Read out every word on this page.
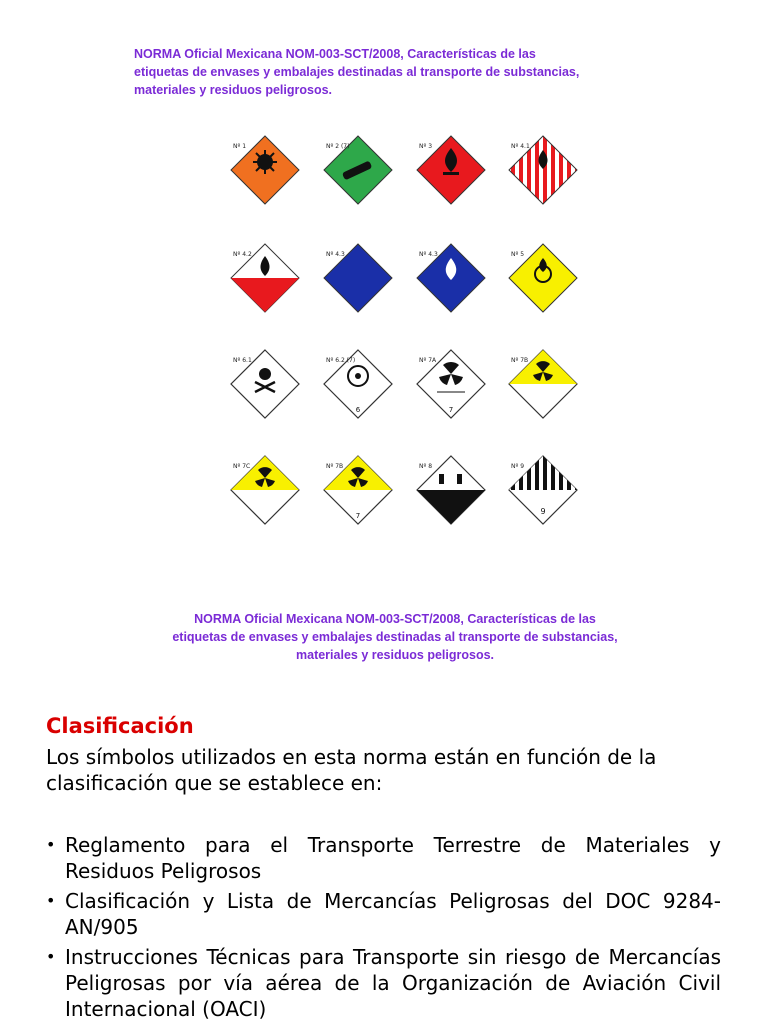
NORMA Oficial Mexicana NOM-003-SCT/2008, Características de las
etiquetas de envases y embalajes destinadas al transporte de substancias,
materiales y residuos peligrosos.
6	7
7	9
Nº 1	Nº 2 (7)	Nº 3	Nº 4.1
Nº 4.2	Nº 4.3	Nº 4.3	Nº 5
Nº 6.1	Nº 6.2 (7)	Nº 7A	Nº 7B
Nº 7C	Nº 7B	Nº 8	Nº 9
NORMA Oficial Mexicana NOM-003-SCT/2008, Características de las
etiquetas de envases y embalajes destinadas al transporte de substancias,
materiales y residuos peligrosos.
Clasificación

Los símbolos utilizados en esta norma están en función de la clasificación que se establece en:

• Reglamento para el Transporte Terrestre de Materiales y Residuos Peligrosos
• Clasificación y Lista de Mercancías Peligrosas del DOC 9284-AN/905
• Instrucciones Técnicas para Transporte sin riesgo de Mercancías Peligrosas por vía aérea de la Organización de Aviación Civil Internacional (OACI)
